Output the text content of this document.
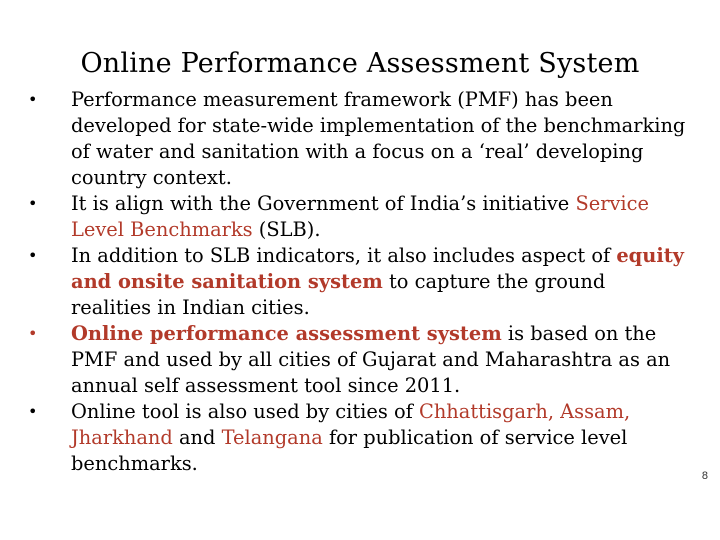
Online Performance Assessment System
•	Performance measurement framework (PMF) has been developed for state-wide implementation of the benchmarking of water and sanitation with a focus on a ‘real’ developing country context.
•	It is align with the Government of India’s initiative Service Level Benchmarks (SLB).
•	In addition to SLB indicators, it also includes aspect of equity and onsite sanitation system to capture the ground realities in Indian cities.
•	Online performance assessment system is based on the PMF and used by all cities of Gujarat and Maharashtra as an annual self assessment tool since 2011.
•	Online tool is also used by cities of Chhattisgarh, Assam, Jharkhand and Telangana for publication of service level benchmarks.
8
